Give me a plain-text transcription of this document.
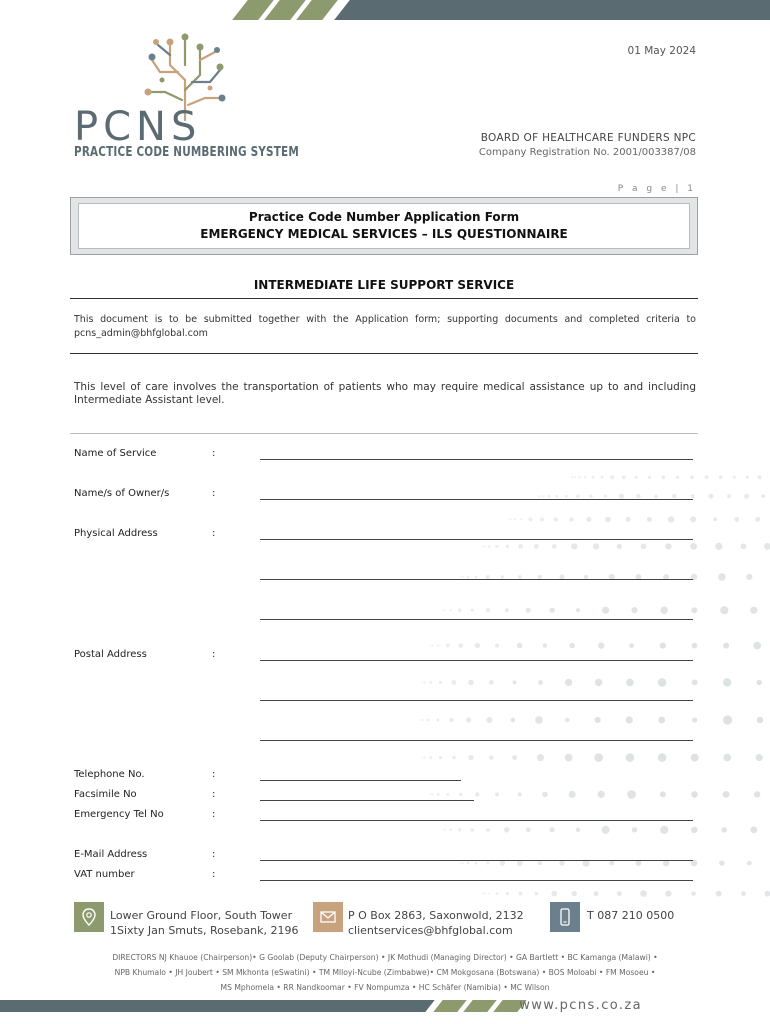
PCNS
PRACTICE CODE NUMBERING SYSTEM
01 May 2024
BOARD OF HEALTHCARE FUNDERS NPC
Company Registration No. 2001/003387/08
P a g e | 1
Practice Code Number Application Form
EMERGENCY MEDICAL SERVICES – ILS QUESTIONNAIRE
INTERMEDIATE LIFE SUPPORT SERVICE
This document is to be submitted together with the Application form; supporting documents and completed criteria to pcns_admin@bhfglobal.com
This level of care involves the transportation of patients who may require medical assistance up to and including Intermediate Assistant level.
Name of Service	:
Name/s of Owner/s	:
Physical Address	:
Postal Address	:
Telephone No.	:
Facsimile No	:
Emergency Tel No	:
E-Mail Address	:
VAT number	:
Lower Ground Floor, South Tower
1Sixty Jan Smuts, Rosebank, 2196
P O Box 2863, Saxonwold, 2132
clientservices@bhfglobal.com
T 087 210 0500
DIRECTORS NJ Khauoe (Chairperson)• G Goolab (Deputy Chairperson) • JK Mothudi (Managing Director) • GA Bartlett • BC Kamanga (Malawi) •
NPB Khumalo • JH Joubert • SM Mkhonta (eSwatini) • TM Mlloyi-Ncube (Zimbabwe)• CM Mokgosana (Botswana) • BOS Moloabi • FM Mosoeu •
MS Mphomela • RR Nandkoomar • FV Nompumza • HC Schäfer (Namibia) • MC Wilson
www.pcns.co.za
